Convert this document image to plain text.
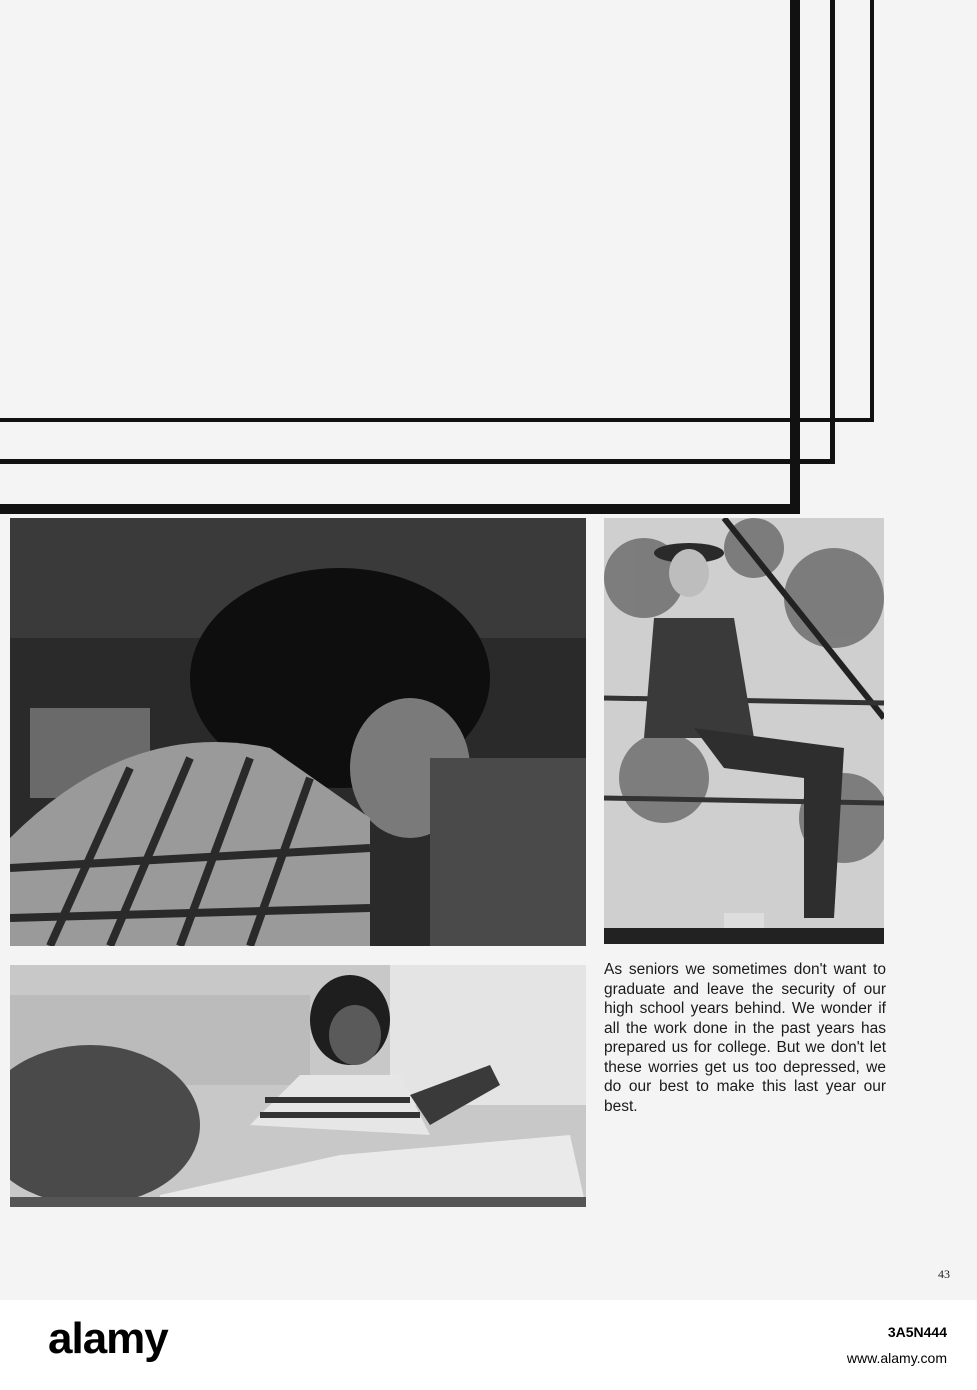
As seniors we sometimes don't want to graduate and leave the security of our high school years behind. We wonder if all the work done in the past years has prepared us for college. But we don't let these worries get us too depressed, we do our best to make this last year our best.

43
alamy	3A5N444
www.alamy.com
